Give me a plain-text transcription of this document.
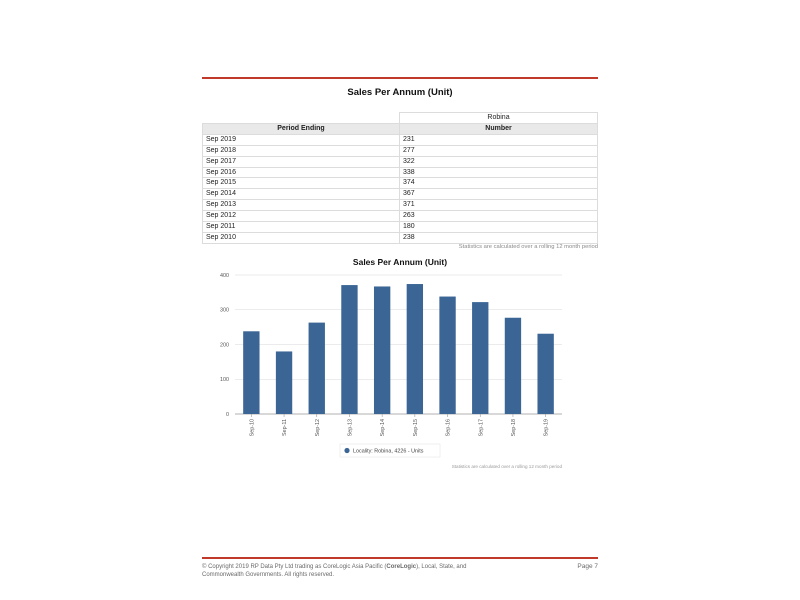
Sales Per Annum (Unit)
	Robina
Period Ending	Number
Sep 2019	231
Sep 2018	277
Sep 2017	322
Sep 2016	338
Sep 2015	374
Sep 2014	367
Sep 2013	371
Sep 2012	263
Sep 2011	180
Sep 2010	238
Statistics are calculated over a rolling 12 month period
Sales Per Annum (Unit)
0
100
200
300
400
Sep-10	Sep-11	Sep-12	Sep-13	Sep-14	Sep-15	Sep-16	Sep-17	Sep-18	Sep-19
Locality: Robina, 4226 - Units
Statistics are calculated over a rolling 12 month period
© Copyright 2019 RP Data Pty Ltd trading as CoreLogic Asia Pacific (CoreLogic), Local, State, and Commonwealth Governments. All rights reserved.
Page 7
